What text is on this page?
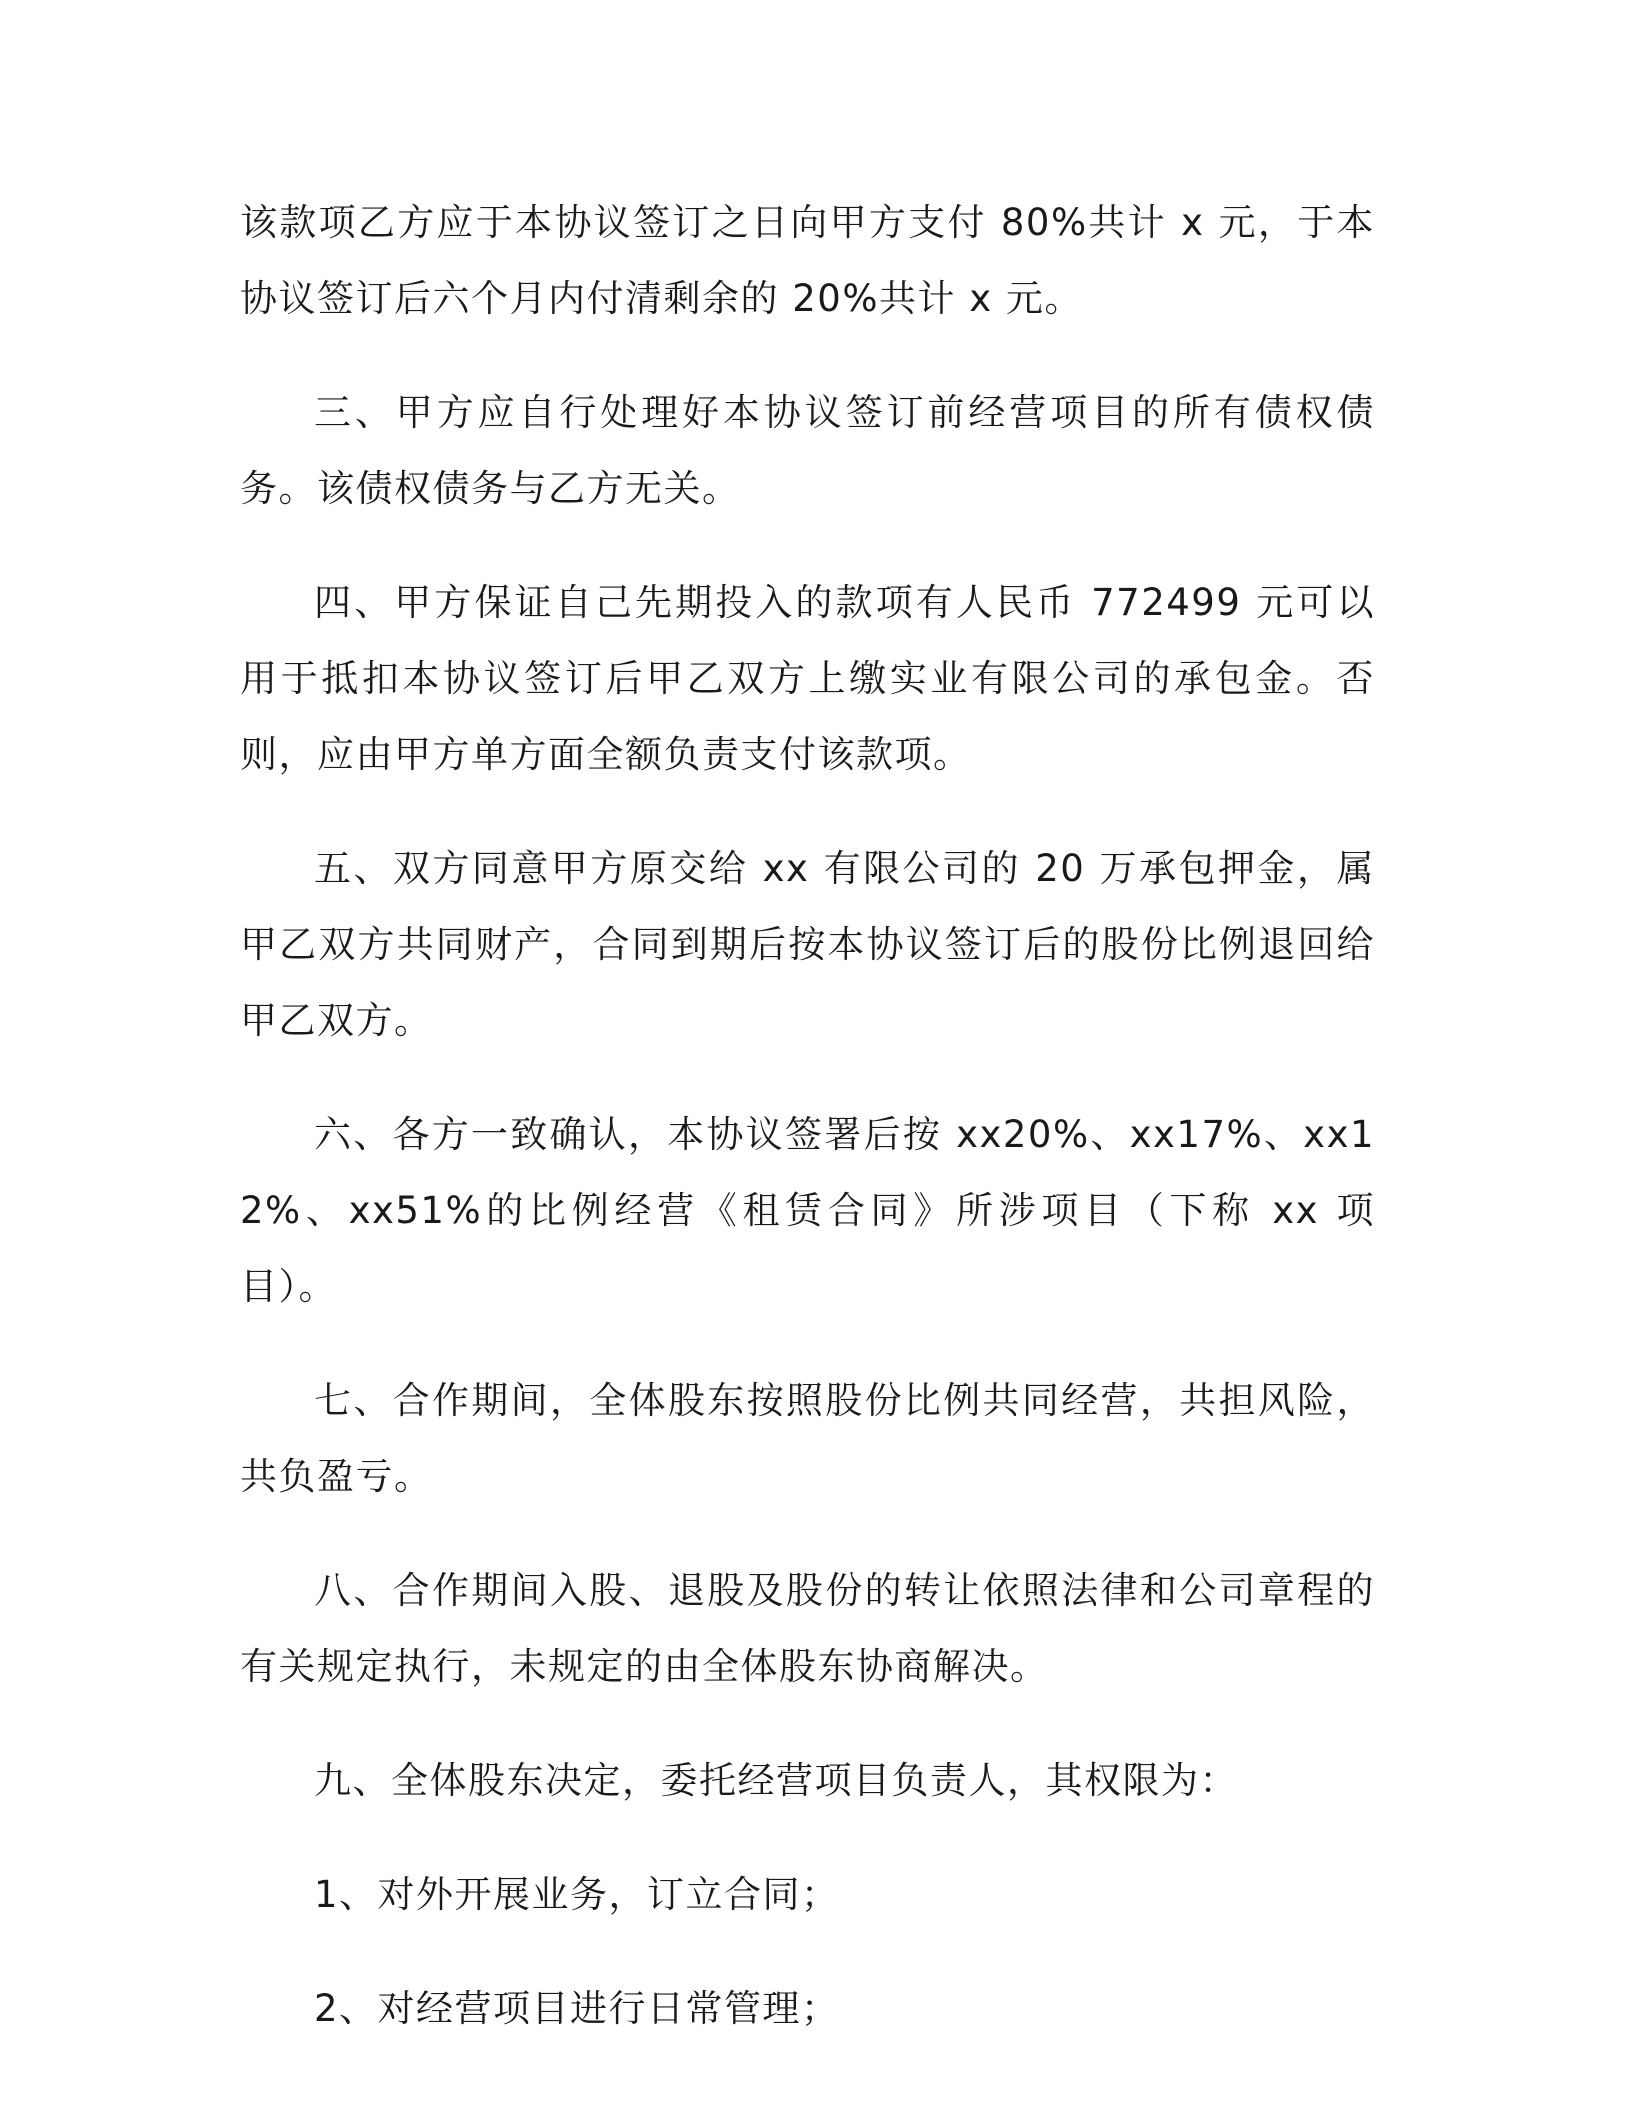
该款项乙方应于本协议签订之日向甲方支付 80%共计 x 元，于本协议签订后六个月内付清剩余的 20%共计 x 元。

三、甲方应自行处理好本协议签订前经营项目的所有债权债务。该债权债务与乙方无关。

四、甲方保证自己先期投入的款项有人民币 772499 元可以用于抵扣本协议签订后甲乙双方上缴实业有限公司的承包金。否则，应由甲方单方面全额负责支付该款项。

五、双方同意甲方原交给 xx 有限公司的 20 万承包押金，属甲乙双方共同财产，合同到期后按本协议签订后的股份比例退回给甲乙双方。

六、各方一致确认，本协议签署后按 xx20%、xx17%、xx12%、xx51%的比例经营《租赁合同》所涉项目（下称 xx 项目）。

七、合作期间，全体股东按照股份比例共同经营，共担风险，共负盈亏。

八、合作期间入股、退股及股份的转让依照法律和公司章程的有关规定执行，未规定的由全体股东协商解决。

九、全体股东决定，委托经营项目负责人，其权限为：

1、对外开展业务，订立合同；

2、对经营项目进行日常管理；
